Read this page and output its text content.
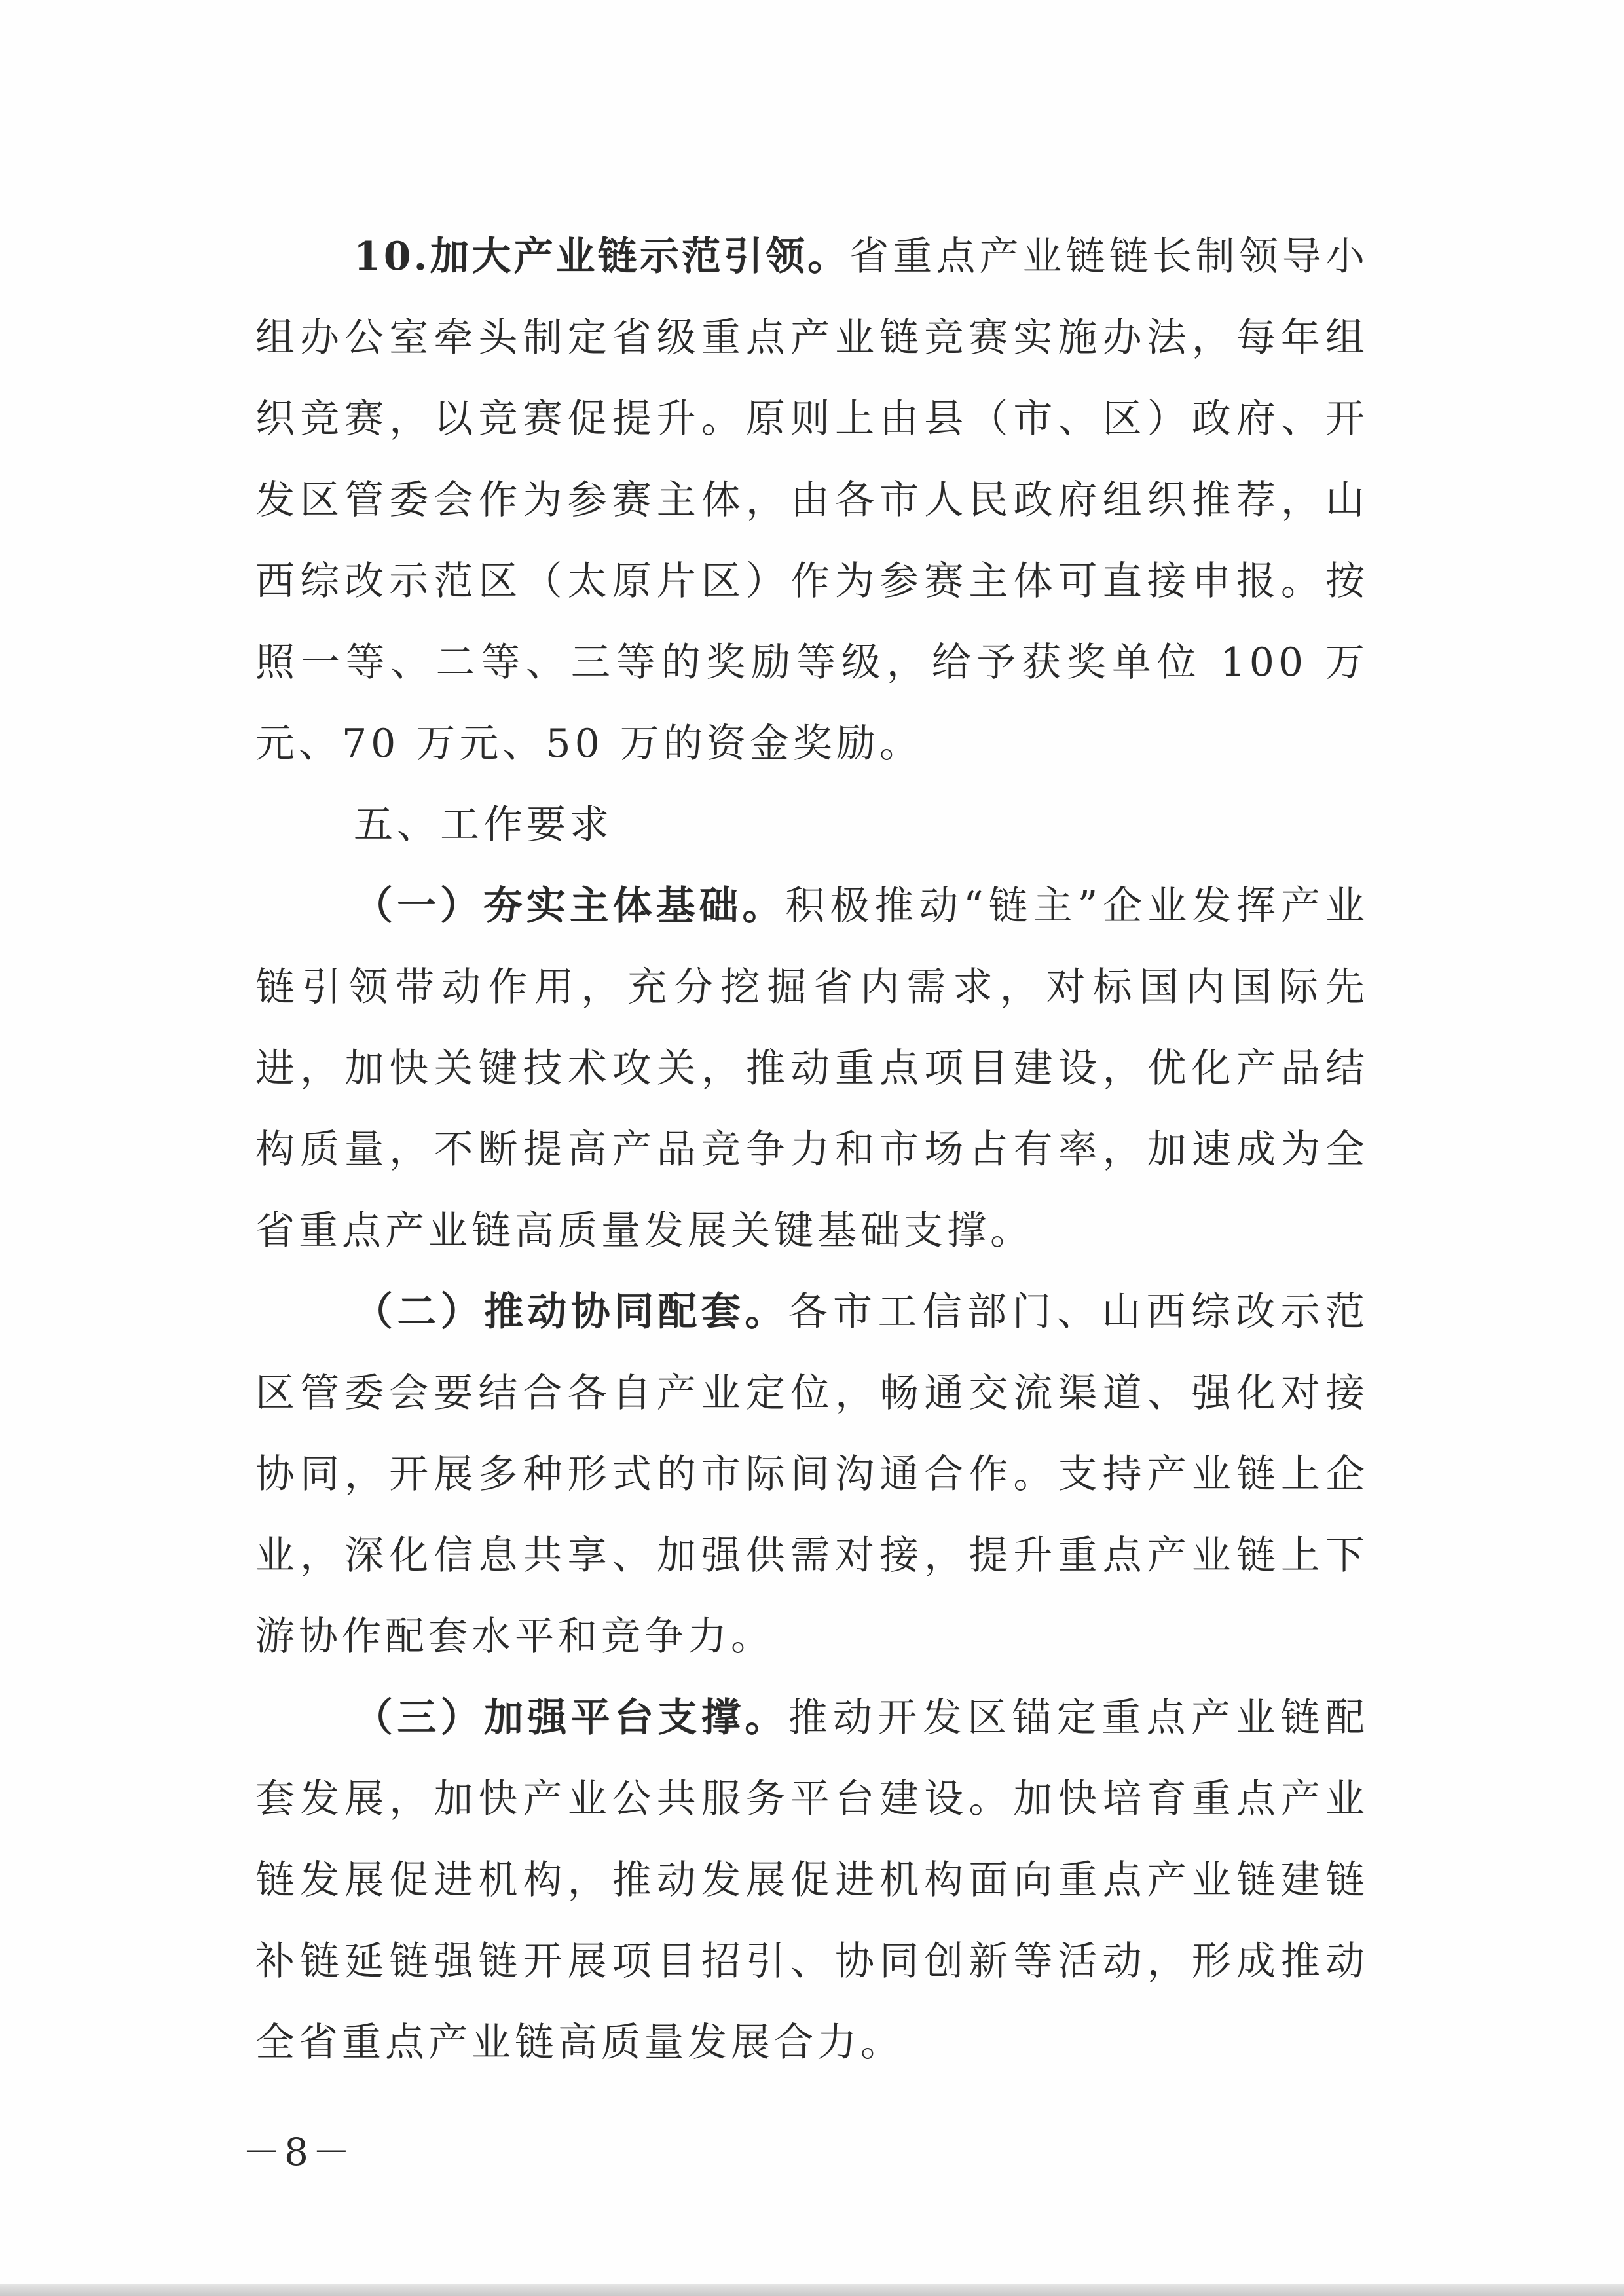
10.加大产业链示范引领。省重点产业链链长制领导小组办公室牵头制定省级重点产业链竞赛实施办法，每年组织竞赛，以竞赛促提升。原则上由县（市、区）政府、开发区管委会作为参赛主体，由各市人民政府组织推荐，山西综改示范区（太原片区）作为参赛主体可直接申报。按照一等、二等、三等的奖励等级，给予获奖单位 100 万元、70 万元、50 万的资金奖励。

五、工作要求

（一）夯实主体基础。积极推动“链主”企业发挥产业链引领带动作用，充分挖掘省内需求，对标国内国际先进，加快关键技术攻关，推动重点项目建设，优化产品结构质量，不断提高产品竞争力和市场占有率，加速成为全省重点产业链高质量发展关键基础支撑。

（二）推动协同配套。各市工信部门、山西综改示范区管委会要结合各自产业定位，畅通交流渠道、强化对接协同，开展多种形式的市际间沟通合作。支持产业链上企业，深化信息共享、加强供需对接，提升重点产业链上下游协作配套水平和竞争力。

（三）加强平台支撑。推动开发区锚定重点产业链配套发展，加快产业公共服务平台建设。加快培育重点产业链发展促进机构，推动发展促进机构面向重点产业链建链补链延链强链开展项目招引、协同创新等活动，形成推动全省重点产业链高质量发展合力。

－8－
